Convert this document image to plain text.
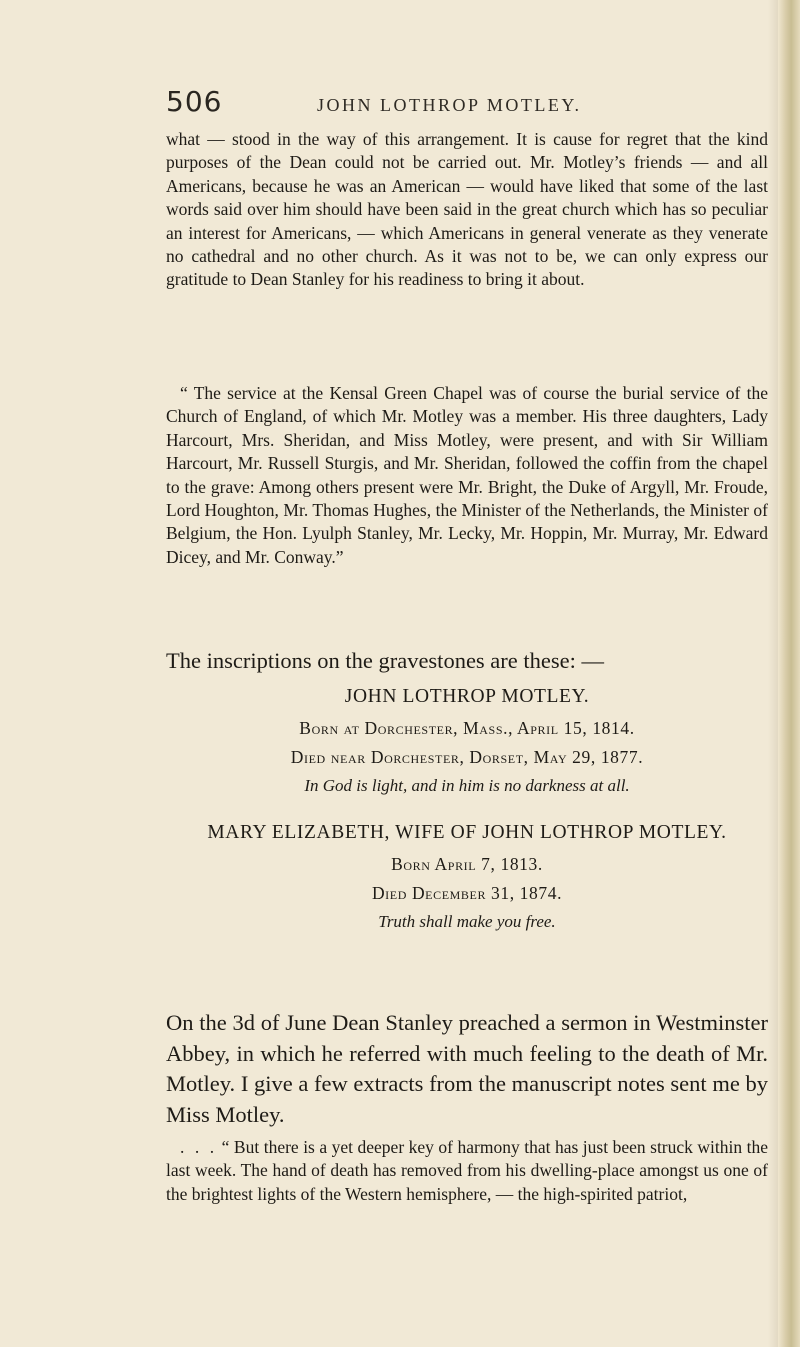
506	JOHN LOTHROP MOTLEY.

what — stood in the way of this arrangement. It is cause for regret that the kind purposes of the Dean could not be carried out. Mr. Motley’s friends — and all Americans, because he was an American — would have liked that some of the last words said over him should have been said in the great church which has so peculiar an interest for Americans, — which Americans in general venerate as they venerate no cathedral and no other church. As it was not to be, we can only express our gratitude to Dean Stanley for his readiness to bring it about.

“ The service at the Kensal Green Chapel was of course the burial service of the Church of England, of which Mr. Motley was a member. His three daughters, Lady Harcourt, Mrs. Sheridan, and Miss Motley, were present, and with Sir William Harcourt, Mr. Russell Sturgis, and Mr. Sheridan, followed the coffin from the chapel to the grave: Among others present were Mr. Bright, the Duke of Argyll, Mr. Froude, Lord Houghton, Mr. Thomas Hughes, the Minister of the Netherlands, the Minister of Belgium, the Hon. Lyulph Stanley, Mr. Lecky, Mr. Hoppin, Mr. Murray, Mr. Edward Dicey, and Mr. Conway.”

The inscriptions on the gravestones are these: —

JOHN LOTHROP MOTLEY.
Born at Dorchester, Mass., April 15, 1814.
Died near Dorchester, Dorset, May 29, 1877.
In God is light, and in him is no darkness at all.
MARY ELIZABETH, WIFE OF JOHN LOTHROP MOTLEY.
Born April 7, 1813.
Died December 31, 1874.
Truth shall make you free.

On the 3d of June Dean Stanley preached a sermon in Westminster Abbey, in which he referred with much feeling to the death of Mr. Motley. I give a few extracts from the manuscript notes sent me by Miss Motley.

. . . “ But there is a yet deeper key of harmony that has just been struck within the last week. The hand of death has removed from his dwelling-place amongst us one of the brightest lights of the Western hemisphere, — the high-spirited patriot,
